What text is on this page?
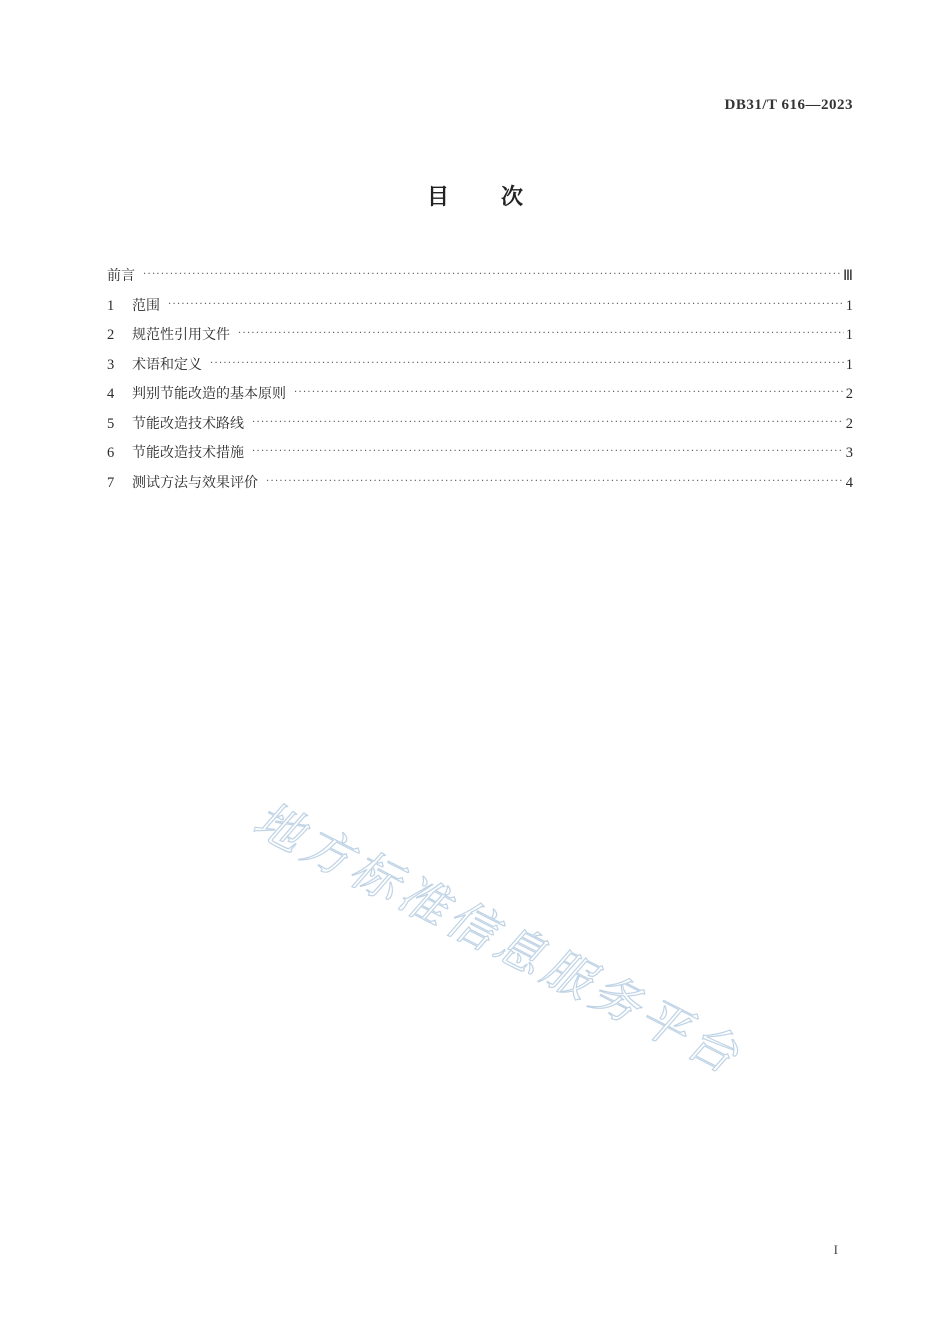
DB31/T 616—2023
目次
前言 ·····	Ⅲ
1	范围 ·····	1
2	规范性引用文件 ·····	1
3	术语和定义 ·····	1
4	判别节能改造的基本原则 ·····	2
5	节能改造技术路线 ·····	2
6	节能改造技术措施 ·····	3
7	测试方法与效果评价 ·····	4
地方标准信息服务平台
I
